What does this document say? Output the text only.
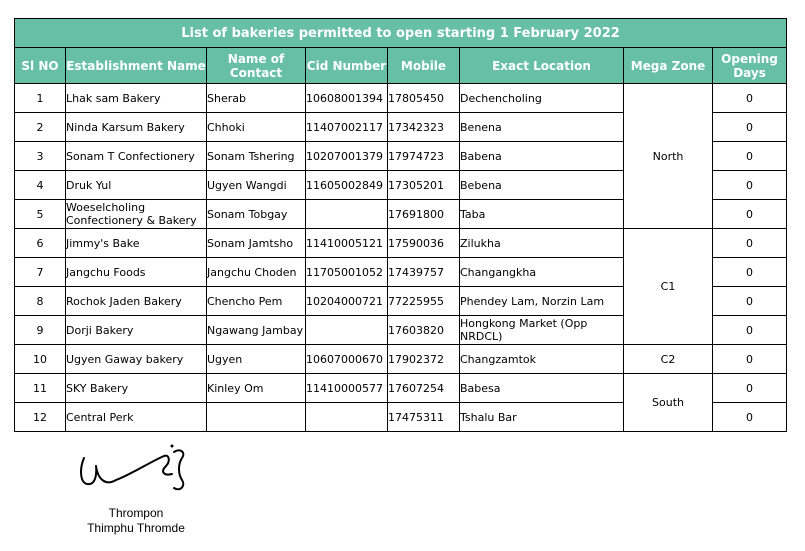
List of bakeries permitted to open starting 1 February 2022							
Sl NO	Establishment Name	Name of Contact	Cid Number	Mobile	Exact Location	Mega Zone	Opening Days
1	Lhak sam Bakery	Sherab	10608001394	17805450	Dechencholing	North	0
2	Ninda Karsum Bakery	Chhoki	11407002117	17342323	Benena		0
3	Sonam T Confectionery	Sonam Tshering	10207001379	17974723	Babena		0
4	Druk Yul	Ugyen Wangdi	11605002849	17305201	Bebena		0
5	Woeselcholing Confectionery & Bakery	Sonam Tobgay		17691800	Taba		0
6	Jimmy's Bake	Sonam Jamtsho	11410005121	17590036	Zilukha	C1	0
7	Jangchu Foods	Jangchu Choden	11705001052	17439757	Changangkha		0
8	Rochok Jaden Bakery	Chencho Pem	10204000721	77225955	Phendey Lam, Norzin Lam		0
9	Dorji Bakery	Ngawang Jambay		17603820	Hongkong Market (Opp NRDCL)		0
10	Ugyen Gaway bakery	Ugyen	10607000670	17902372	Changzamtok	C2	0
11	SKY Bakery	Kinley Om	11410000577	17607254	Babesa	South	0
12	Central Perk			17475311	Tshalu Bar		0
Thrompon
Thimphu Thromde
